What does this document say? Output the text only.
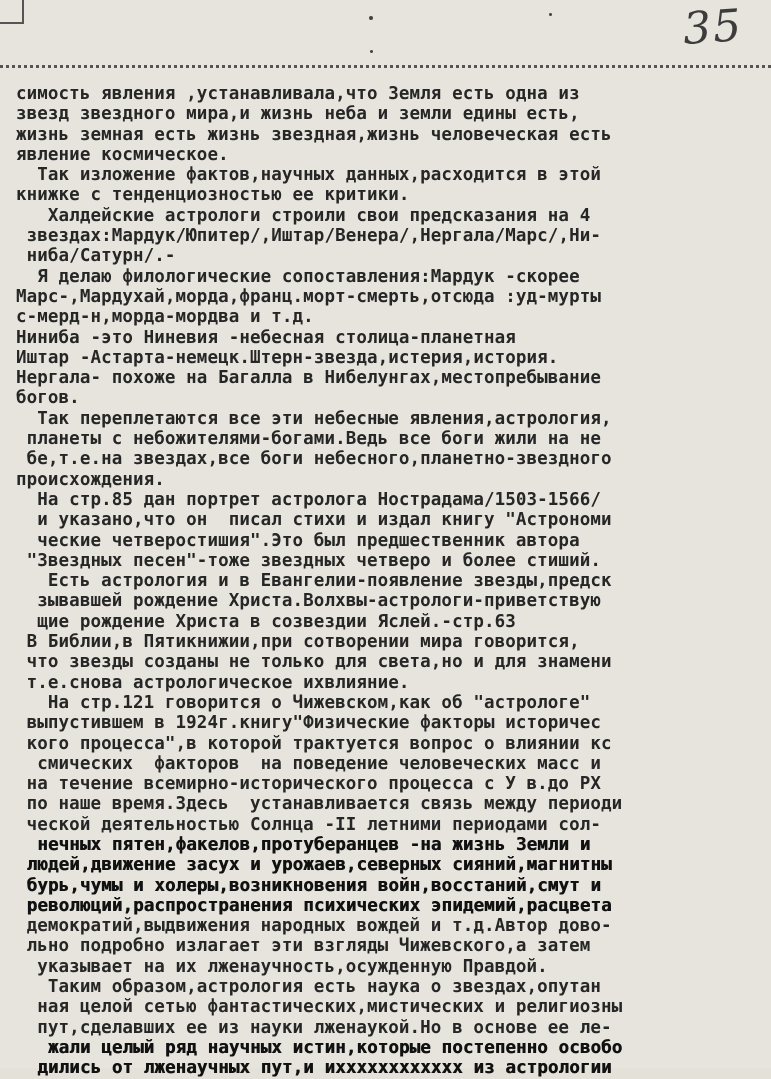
35
симость явления ,устанавливала,что Земля есть одна из
звезд звездного мира,и жизнь неба и земли едины есть,
жизнь земная есть жизнь звездная,жизнь человеческая есть
явление космическое.
Так изложение фактов,научных данных,расходится в этой
книжке с тенденциозностью ее критики.
Халдейские астрологи строили свои предсказания на 4
звездах:Мардук/Юпитер/,Иштар/Венера/,Нергала/Марс/,Ни-
ниба/Сатурн/.-
Я делаю филологические сопоставления:Мардук -скорее
Марс-,Мардухай,морда,франц.морт-смерть,отсюда :уд-мурты
с-мерд-н,морда-мордва и т.д.
Ниниба -это Ниневия -небесная столица-планетная
Иштар -Астарта-немецк.Штерн-звезда,истерия,история.
Нергала- похоже на Багалла в Нибелунгах,местопребывание
богов.
Так переплетаются все эти небесные явления,астрология,
планеты с небожителями-богами.Ведь все боги жили на не
бе,т.е.на звездах,все боги небесного,планетно-звездного
происхождения.
На стр.85 дан портрет астролога Нострадама/1503-1566/
и указано,что он  писал стихи и издал книгу "Астрономи
ческие четверостишия".Это был предшественник автора
"Звездных песен"-тоже звездных четверо и более стиший.
Есть астрология и в Евангелии-появление звезды,предск
зывавшей рождение Христа.Волхвы-астрологи-приветствую
щие рождение Христа в созвездии Яслей.-стр.63
В Библии,в Пятикнижии,при сотворении мира говорится,
что звезды созданы не только для света,но и для знамени
т.е.снова астрологическое иxвлияние.
На стр.121 говорится о Чижевском,как об "астрологе"
выпустившем в 1924г.книгу"Физические факторы историчес
кого процесса",в которой трактуется вопрос о влиянии кс
смических  факторов  на поведение человеческих масс и
на течение всемирно-исторического процесса с У в.до РХ
по наше время.Здесь  устанавливается связь между периоди
ческой деятельностью Солнца -II летними периодами сол-
нечных пятен,факелов,протуберанцев -на жизнь Земли и
людей,движение засух и урожаев,северных сияний,магнитны
бурь,чумы и холеры,возникновения войн,восстаний,смут и
революций,распространения психических эпидемий,расцвета
демократий,выдвижения народных вождей и т.д.Автор дово-
льно подробно излагает эти взгляды Чижевского,а затем
указывает на их лженаучность,осужденную Правдой.
Таким образом,астрология есть наука о звездах,опутан
ная целой сетью фантастических,мистических и религиозны
пут,сделавших ее из науки лженаукой.Но в основе ее ле-
жали целый ряд научных истин,которые постепенно освобо
дились от лженаучных пут,и иxxxxxxxxxxxx из астрологии
